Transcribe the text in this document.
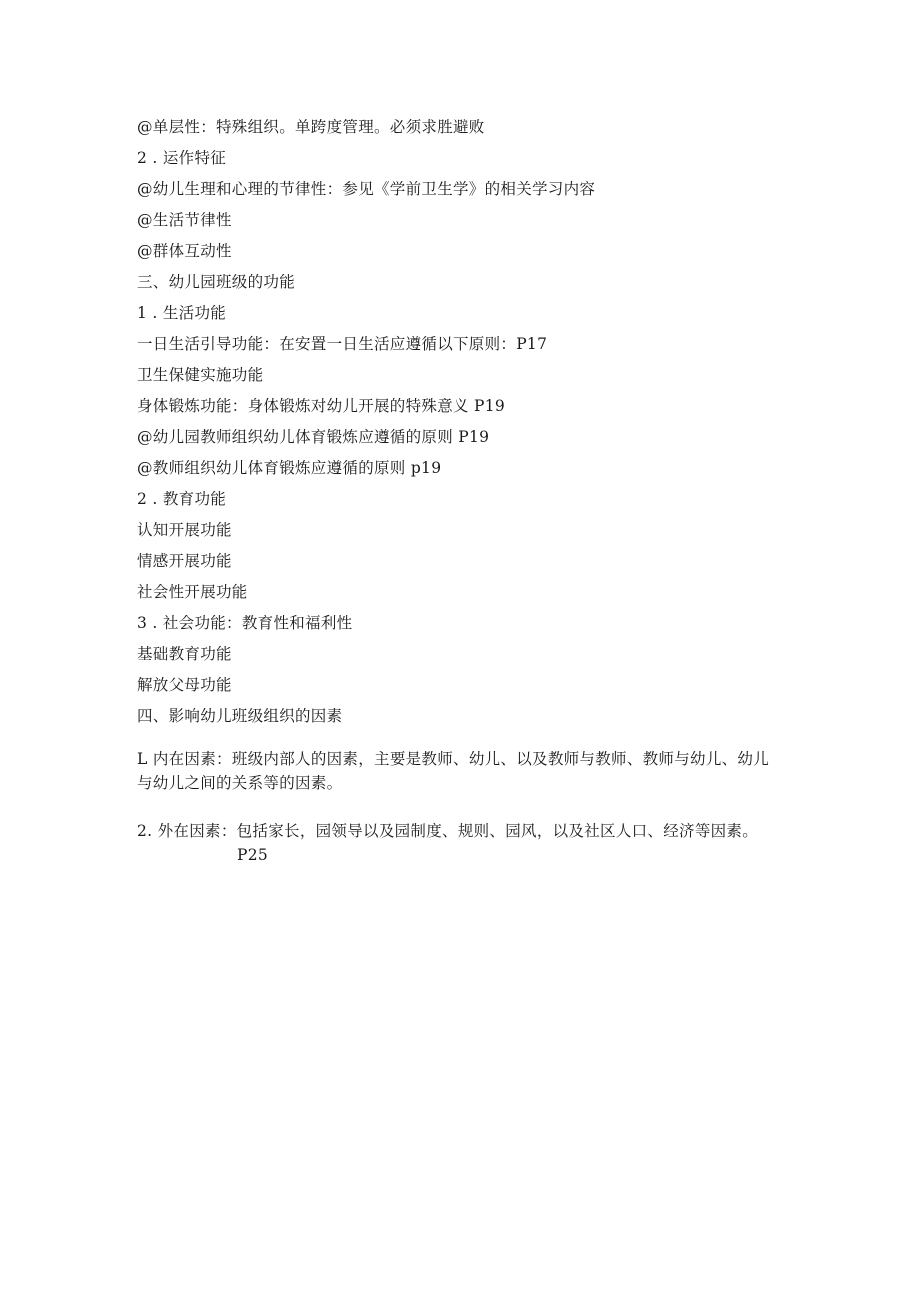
@单层性：特殊组织。单跨度管理。必须求胜避败
2 . 运作特征
@幼儿生理和心理的节律性：参见《学前卫生学》的相关学习内容
@生活节律性
@群体互动性
三、幼儿园班级的功能
1 . 生活功能
一日生活引导功能：在安置一日生活应遵循以下原则：P17
卫生保健实施功能
身体锻炼功能：身体锻炼对幼儿开展的特殊意义 P19
@幼儿园教师组织幼儿体育锻炼应遵循的原则 P19
@教师组织幼儿体育锻炼应遵循的原则 p19
2 . 教育功能
认知开展功能
情感开展功能
社会性开展功能
3 . 社会功能：教育性和福利性
基础教育功能
解放父母功能
四、影响幼儿班级组织的因素
L 内在因素：班级内部人的因素，主要是教师、幼儿、以及教师与教师、教师与幼儿、幼儿与幼儿之间的关系等的因素。
2. 外在因素：包括家长，园领导以及园制度、规则、园风，以及社区人口、经济等因素。P25
